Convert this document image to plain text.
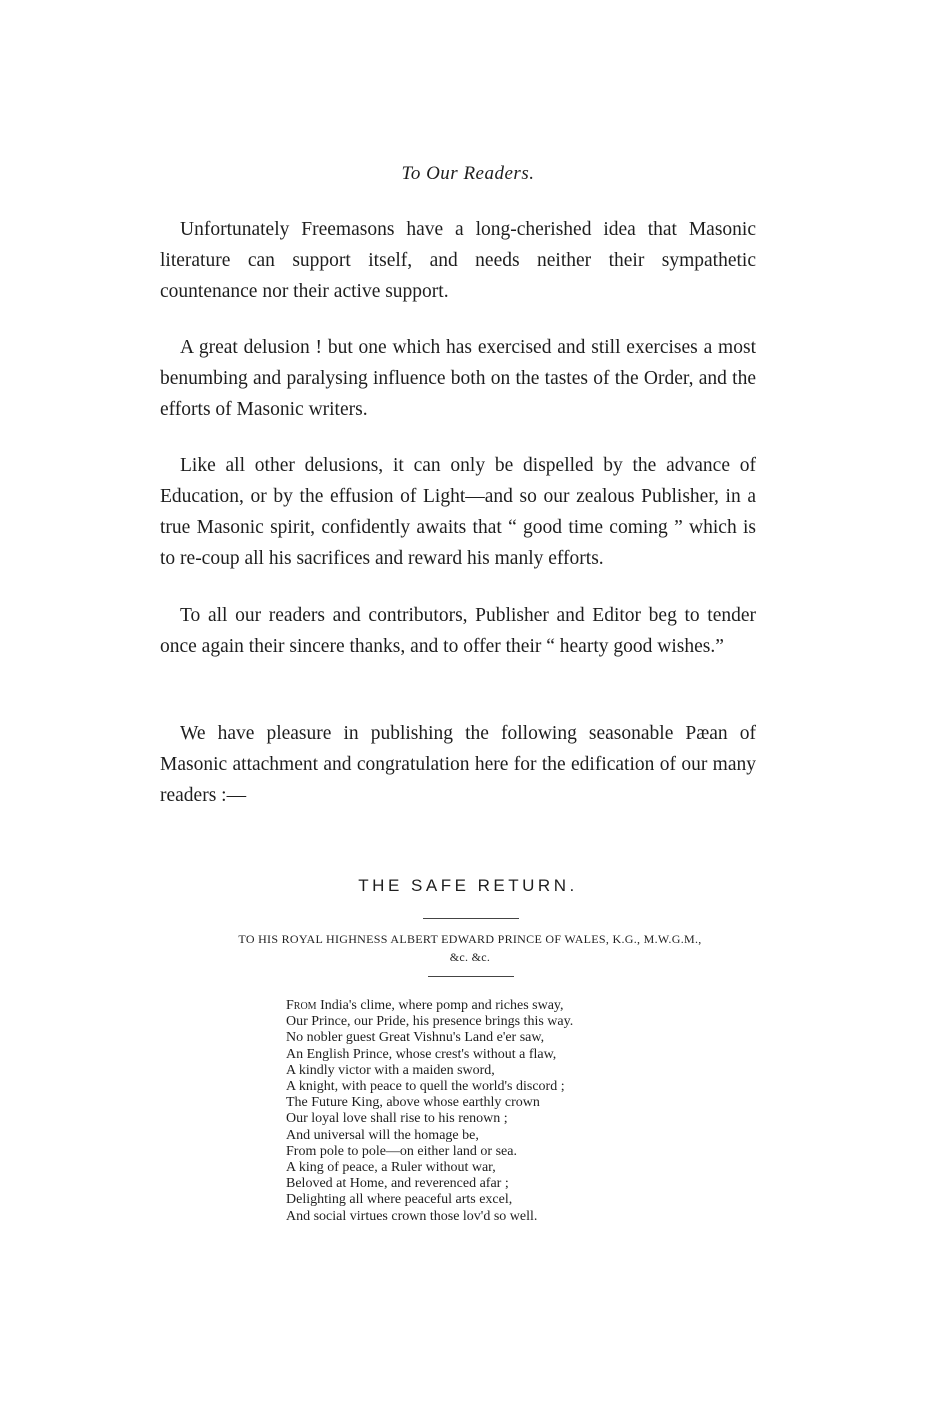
To Our Readers.

Unfortunately Freemasons have a long-cherished idea that Masonic literature can support itself, and needs neither their sympathetic countenance nor their active support.

A great delusion ! but one which has exercised and still exercises a most benumbing and paralysing influence both on the tastes of the Order, and the efforts of Masonic writers.

Like all other delusions, it can only be dispelled by the advance of Education, or by the effusion of Light—and so our zealous Publisher, in a true Masonic spirit, confidently awaits that “ good time coming ” which is to re-coup all his sacrifices and reward his manly efforts.

To all our readers and contributors, Publisher and Editor beg to tender once again their sincere thanks, and to offer their “ hearty good wishes.”

We have pleasure in publishing the following seasonable Pæan of Masonic attachment and congratulation here for the edification of our many readers :—

THE SAFE RETURN.
TO HIS ROYAL HIGHNESS ALBERT EDWARD PRINCE OF WALES, K.G., M.W.G.M.,
&c. &c.
From India's clime, where pomp and riches sway,
Our Prince, our Pride, his presence brings this way.
No nobler guest Great Vishnu's Land e'er saw,
An English Prince, whose crest's without a flaw,
A kindly victor with a maiden sword,
A knight, with peace to quell the world's discord ;
The Future King, above whose earthly crown
Our loyal love shall rise to his renown ;
And universal will the homage be,
From pole to pole—on either land or sea.
A king of peace, a Ruler without war,
Beloved at Home, and reverenced afar ;
Delighting all where peaceful arts excel,
And social virtues crown those lov'd so well.
